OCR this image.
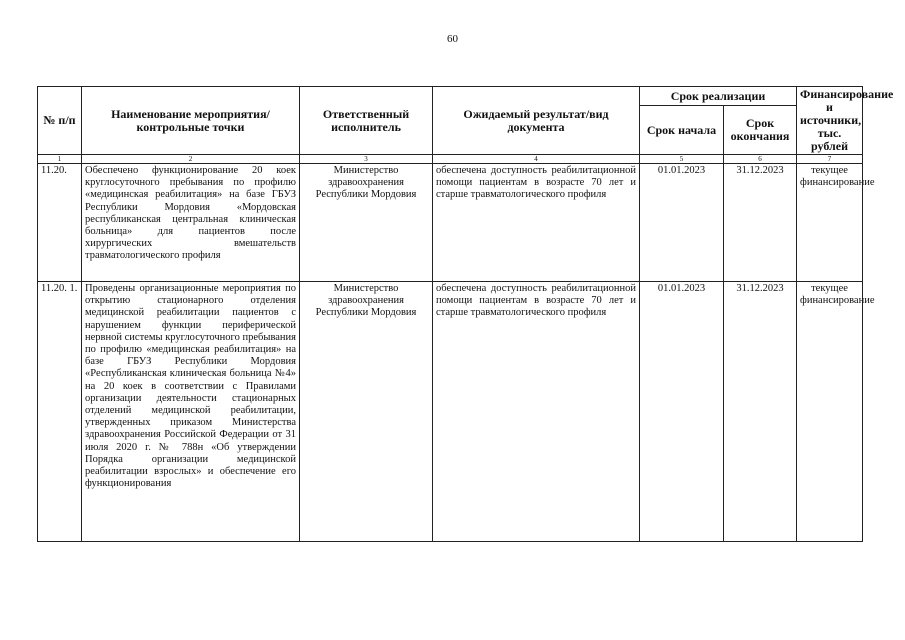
60
№ п/п	Наименование мероприятия/ контрольные точки	Ответственный исполнитель	Ожидаемый результат/вид документа	Срок реализации		Финансирование и источники, тыс. рублей
				Срок начала	Срок окончания	
1	2	3	4	5	6	7
11.20.	Обеспечено функционирование 20 коек круглосуточного пребывания по профилю «медицинская реабилитация» на базе ГБУЗ Республики Мордовия «Мордовская республиканская центральная клиническая больница» для пациентов после хирургических вмешательств травматологического профиля	Министерство здравоохранения Республики Мордовия	обеспечена доступность реабилитационной помощи пациентам в возрасте 70 лет и старше травматологического профиля	01.01.2023	31.12.2023	текущее финансирование
11.20. 1.	Проведены организационные мероприятия по открытию стационарного отделения медицинской реабилитации пациентов с нарушением функции периферической нервной системы круглосуточного пребывания по профилю «медицинская реабилитация» на базе ГБУЗ Республики Мордовия «Республиканская клиническая больница №4» на 20 коек в соответствии с Правилами организации деятельности стационарных отделений медицинской реабилитации, утвержденных приказом Министерства здравоохранения Российской Федерации от 31 июля 2020 г. № 788н «Об утверждении Порядка организации медицинской реабилитации взрослых» и обеспечение его функционирования	Министерство здравоохранения Республики Мордовия	обеспечена доступность реабилитационной помощи пациентам в возрасте 70 лет и старше травматологического профиля	01.01.2023	31.12.2023	текущее финансирование
